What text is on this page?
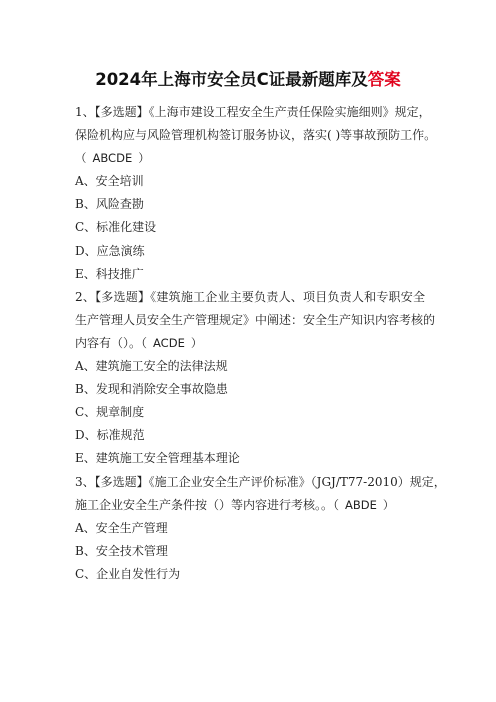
2024年上海市安全员C证最新题库及答案
1、【多选题】《上海市建设工程安全生产责任保险实施细则》规定，
保险机构应与风险管理机构签订服务协议，落实( )等事故预防工作。
（ ABCDE ）
A、安全培训
B、风险查勘
C、标准化建设
D、应急演练
E、科技推广
2、【多选题】《建筑施工企业主要负责人、项目负责人和专职安全
生产管理人员安全生产管理规定》中阐述：安全生产知识内容考核的
内容有（）。（ ACDE ）
A、建筑施工安全的法律法规
B、发现和消除安全事故隐患
C、规章制度
D、标准规范
E、建筑施工安全管理基本理论
3、【多选题】《施工企业安全生产评价标准》（JGJ/T77-2010）规定，
施工企业安全生产条件按（）等内容进行考核。。（ ABDE ）
A、安全生产管理
B、安全技术管理
C、企业自发性行为
